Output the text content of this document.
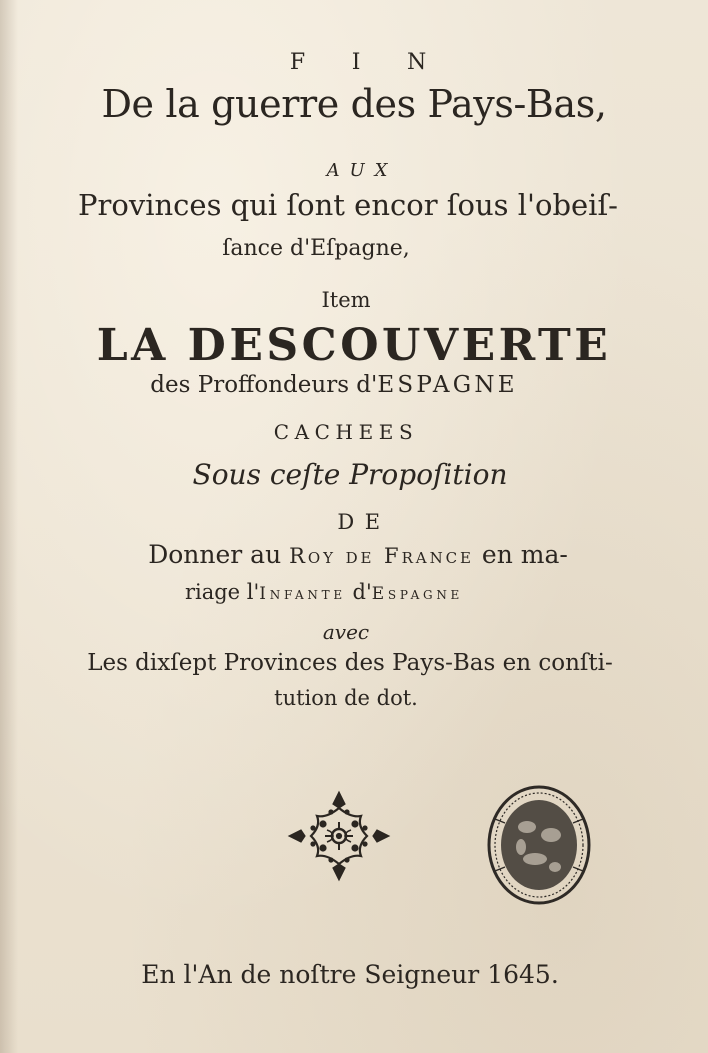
F I N
De la guerre des Pays-Bas,
AUX
Provinces qui ſont encor ſous l'obeiſ-
ſance d'Eſpagne,
Item
LA DESCOUVERTE
des Proffondeurs d'ESPAGNE
CACHEES
Sous ceſte Propoſition
DE
Donner au Roy de France en ma-
riage l'Infante d'Espagne
avec
Les dixſept Provinces des Pays-Bas en conſti-
tution de dot.
En l'An de noſtre Seigneur 1645.
